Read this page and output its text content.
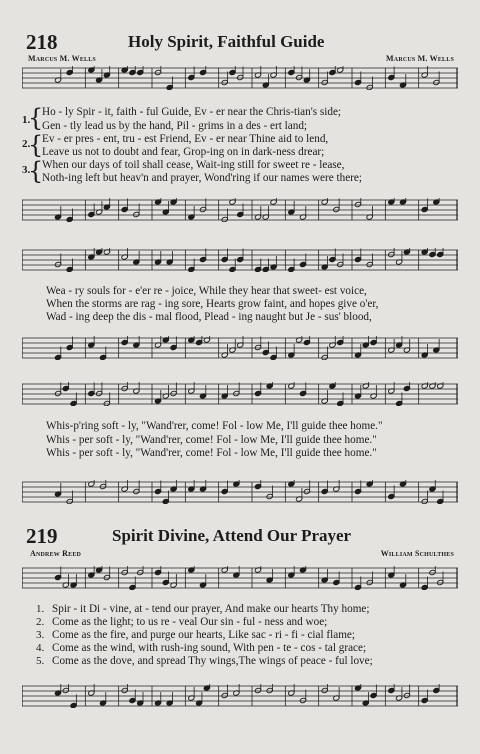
218	Holy Spirit, Faithful Guide
Marcus M. Wells	Marcus M. Wells
{
{
{
1.
Ho - ly Spir - it, faith - ful Guide, Ev - er near the Chris-tian's side;
Gen - tly lead us by the hand, Pil - grims in a des - ert land;
2. Ev - er pres - ent, tru - est Friend, Ev - er near Thine aid to lend,
Leave us not to doubt and fear, Grop-ing on in dark-ness drear;
3. When our days of toil shall cease, Wait-ing still for sweet re - lease,
Noth-ing left but heav'n and prayer, Wond'ring if our names were there;
Wea - ry souls for - e'er re - joice, While they hear that sweet- est voice,
When the storms are rag - ing sore, Hearts grow faint, and hopes give o'er,
Wad - ing deep the dis - mal flood, Plead - ing naught but Je - sus' blood,
Whis-p'ring soft - ly, "Wand'rer, come! Fol - low Me, I'll guide thee home."
Whis - per soft - ly, "Wand'rer, come! Fol - low Me, I'll guide thee home."
Whis - per soft - ly, "Wand'rer, come! Fol - low Me, I'll guide thee home."
219	Spirit Divine, Attend Our Prayer
Andrew Reed	William Schulthes
1. Spir - it Di - vine, at - tend our prayer, And make our hearts Thy home;
2. Come as the light; to us re - veal Our sin - ful - ness and woe;
3. Come as the fire, and purge our hearts, Like sac - ri - fi - cial flame;
4. Come as the wind, with rush-ing sound, With pen - te - cos - tal grace;
5. Come as the dove, and spread Thy wings,The wings of peace - ful love;
